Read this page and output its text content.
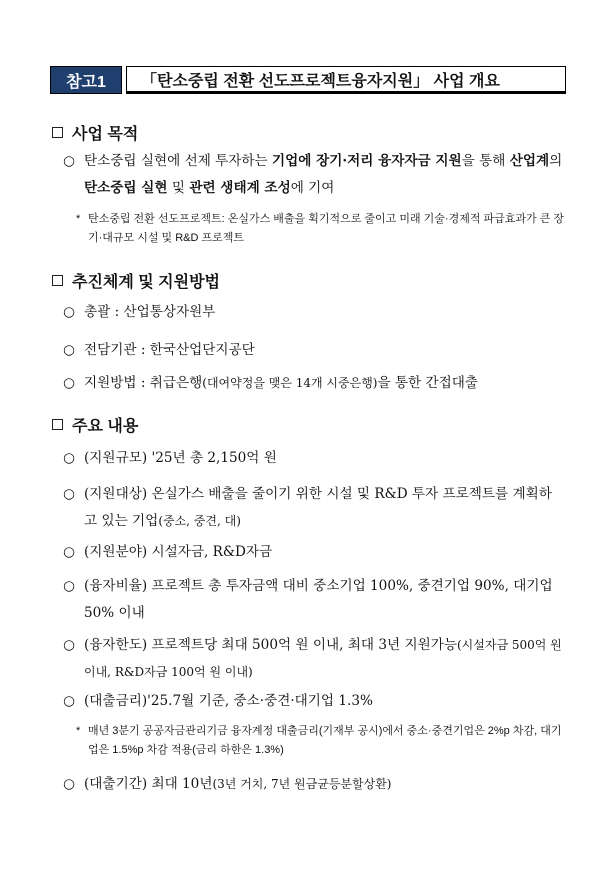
참고1	「탄소중립 전환 선도프로젝트융자지원」 사업 개요
사업 목적
○ 탄소중립 실현에 선제 투자하는 기업에 장기·저리 융자자금 지원을 통해 산업계의 탄소중립 실현 및 관련 생태계 조성에 기여
* 탄소중립 전환 선도프로젝트: 온실가스 배출을 획기적으로 줄이고 미래 기술·경제적 파급효과가 큰 장기·대규모 시설 및 R&D 프로젝트
추진체계 및 지원방법
○ 총괄 : 산업통상자원부
○ 전담기관 : 한국산업단지공단
○ 지원방법 : 취급은행(대여약정을 맺은 14개 시중은행)을 통한 간접대출
주요 내용
○ (지원규모) '25년 총 2,150억 원
○ (지원대상) 온실가스 배출을 줄이기 위한 시설 및 R&D 투자 프로젝트를 계획하고 있는 기업(중소, 중견, 대)
○ (지원분야) 시설자금, R&D자금
○ (융자비율) 프로젝트 총 투자금액 대비 중소기업 100%, 중견기업 90%, 대기업 50% 이내
○ (융자한도) 프로젝트당 최대 500억 원 이내, 최대 3년 지원가능(시설자금 500억 원 이내, R&D자금 100억 원 이내)
○ (대출금리)'25.7월 기준, 중소·중견·대기업 1.3%
* 매년 3분기 공공자금관리기금 융자계정 대출금리(기재부 공시)에서 중소·중견기업은 2%p 차감, 대기업은 1.5%p 차감 적용(금리 하한은 1.3%)
○ (대출기간) 최대 10년(3년 거치, 7년 원금균등분할상환)
